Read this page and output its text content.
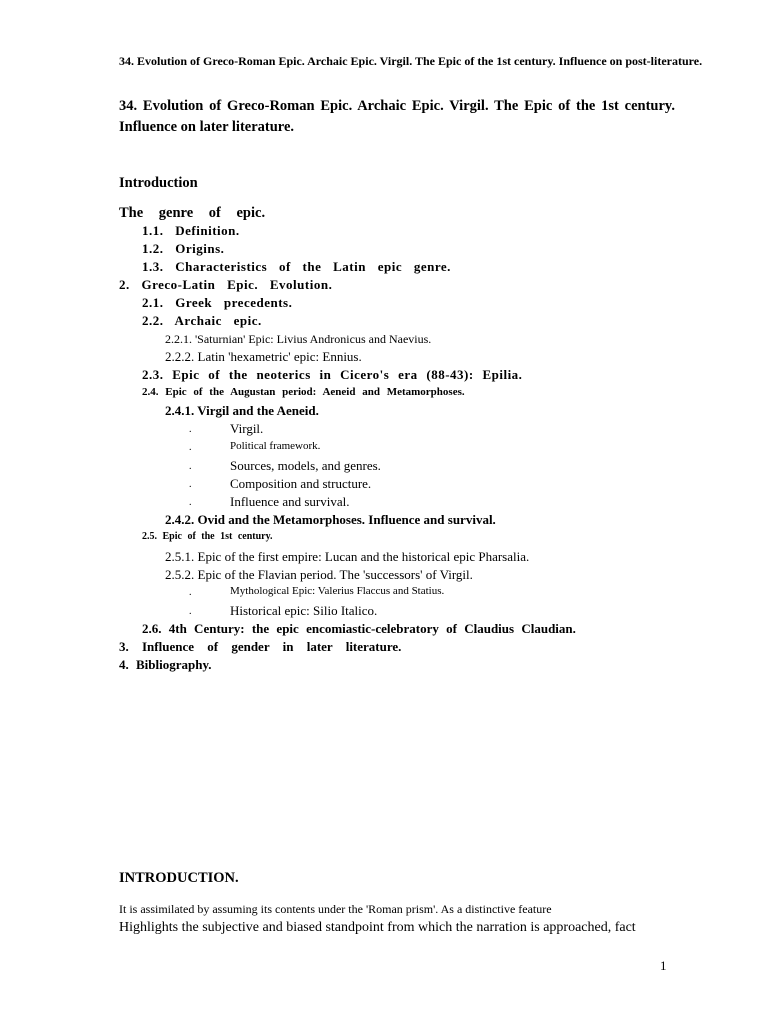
34. Evolution of Greco-Roman Epic. Archaic Epic. Virgil. The Epic of the 1st century. Influence on post-literature.
34. Evolution of Greco-Roman Epic. Archaic Epic. Virgil. The Epic of the 1st century.
Influence on later literature.
Introduction
The genre of epic.
1.1. Definition.
1.2. Origins.
1.3. Characteristics of the Latin epic genre.
2. Greco-Latin Epic. Evolution.
2.1. Greek precedents.
2.2. Archaic epic.
2.2.1. 'Saturnian' Epic: Livius Andronicus and Naevius.
2.2.2. Latin 'hexametric' epic: Ennius.
2.3. Epic of the neoterics in Cicero's era (88-43): Epilia.
2.4. Epic of the Augustan period: Aeneid and Metamorphoses.
2.4.1. Virgil and the Aeneid.
.	Virgil.
.	Political framework.
.	Sources, models, and genres.
.	Composition and structure.
.	Influence and survival.
2.4.2. Ovid and the Metamorphoses. Influence and survival.
2.5. Epic of the 1st century.
2.5.1. Epic of the first empire: Lucan and the historical epic Pharsalia.
2.5.2. Epic of the Flavian period. The 'successors' of Virgil.
.	Mythological Epic: Valerius Flaccus and Statius.
.	Historical epic: Silio Italico.
2.6. 4th Century: the epic encomiastic-celebratory of Claudius Claudian.
3. Influence of gender in later literature.
4. Bibliography.
INTRODUCTION.
It is assimilated by assuming its contents under the 'Roman prism'. As a distinctive feature
Highlights the subjective and biased standpoint from which the narration is approached, fact
1
